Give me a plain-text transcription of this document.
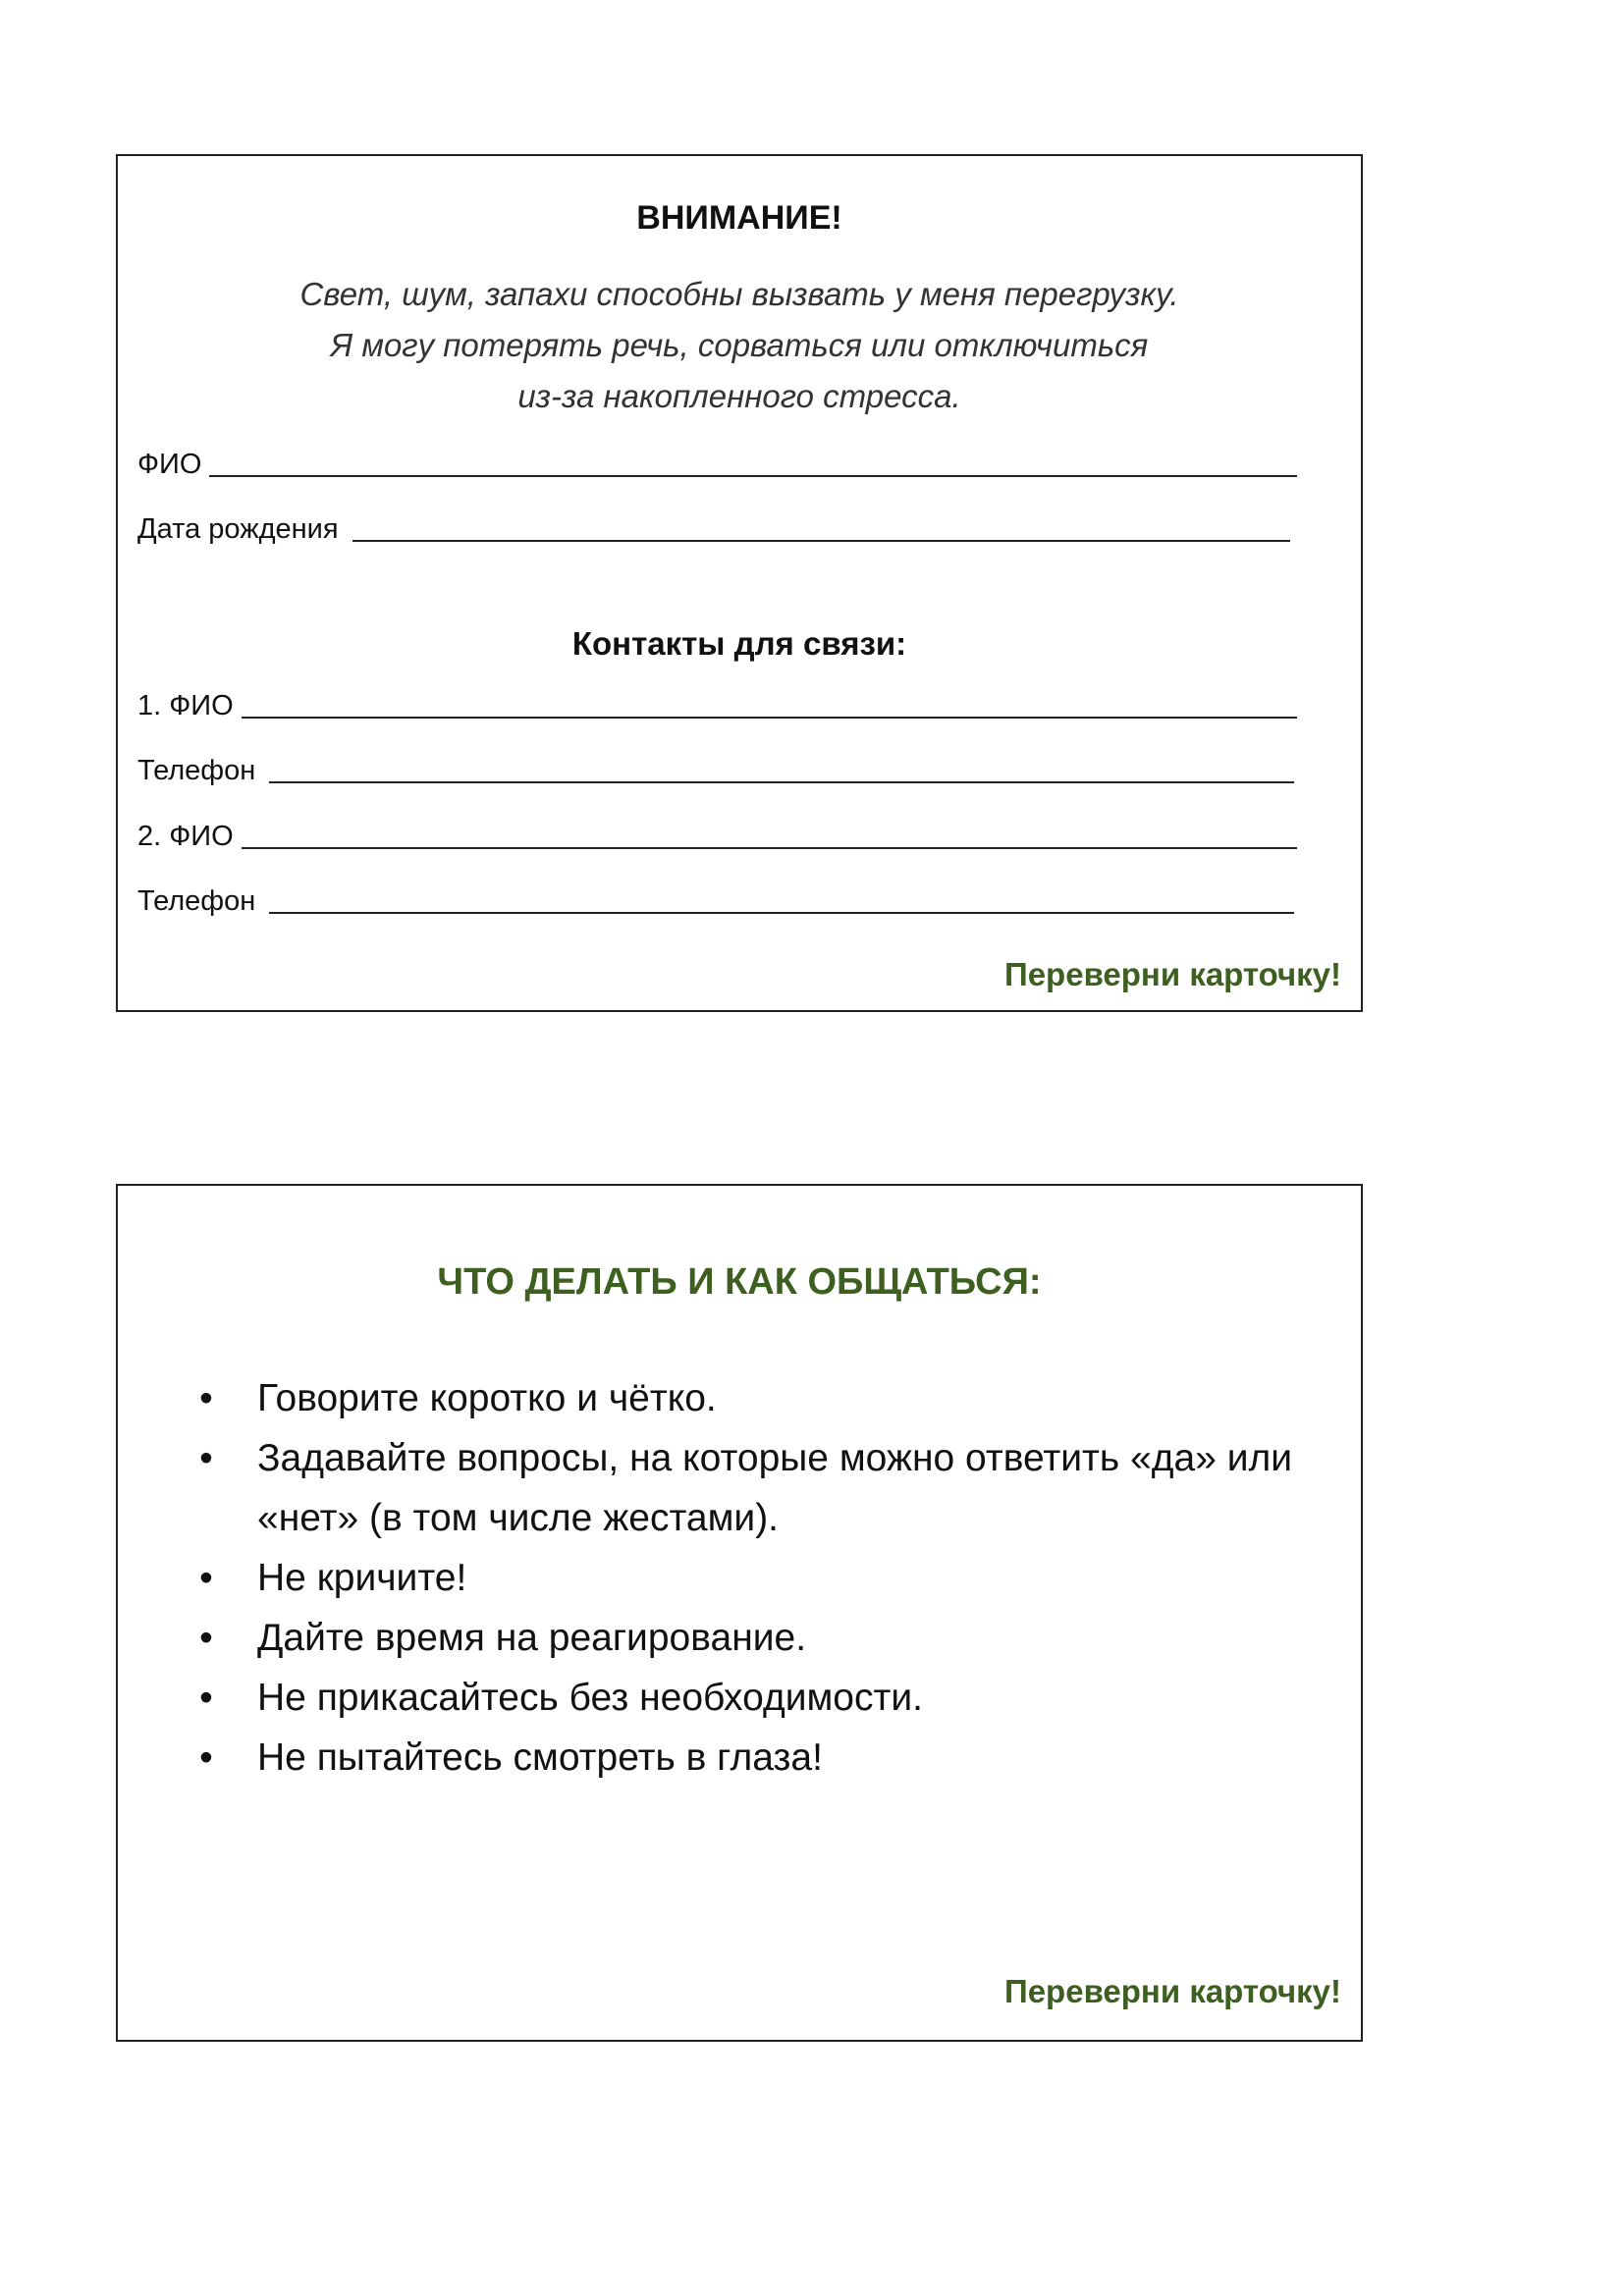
ВНИМАНИЕ!
Свет, шум, запахи способны вызвать у меня перегрузку.
Я могу потерять речь, сорваться или отключиться
из-за накопленного стресса.
ФИО
Дата рождения
Контакты для связи:
1. ФИО
Телефон
2. ФИО
Телефон
Переверни карточку!
ЧТО ДЕЛАТЬ И КАК ОБЩАТЬСЯ:
•	Говорите коротко и чётко.
•	Задавайте вопросы, на которые можно ответить «да» или «нет» (в том числе жестами).
•	Не кричите!
•	Дайте время на реагирование.
•	Не прикасайтесь без необходимости.
•	Не пытайтесь смотреть в глаза!
Переверни карточку!
